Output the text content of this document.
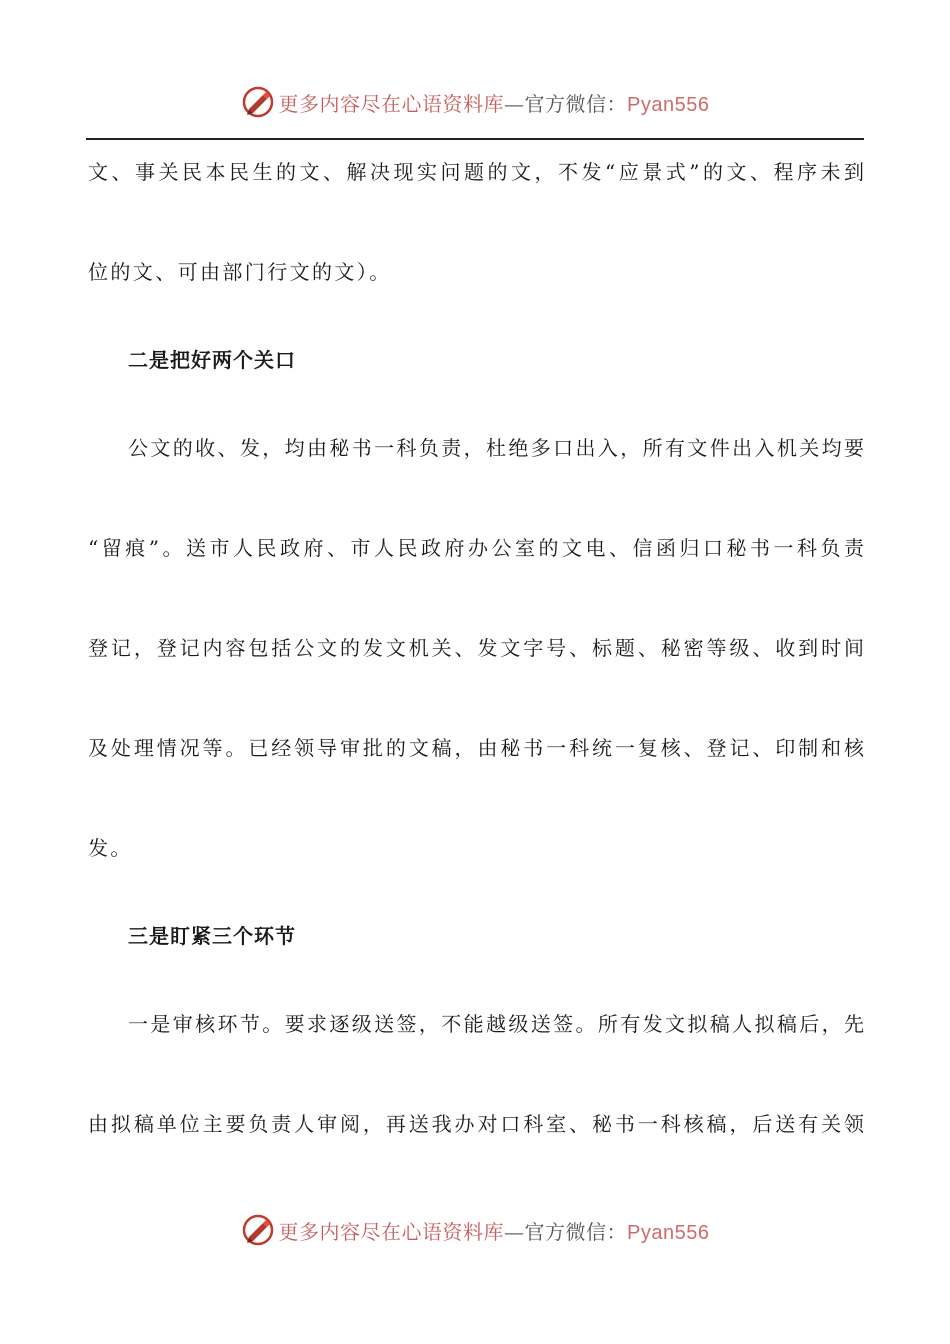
更多内容尽在心语资料库—官方微信：Pyan556
文、事关民本民生的文、解决现实问题的文，不发“应景式”的文、程序未到
位的文、可由部门行文的文）。
二是把好两个关口
公文的收、发，均由秘书一科负责，杜绝多口出入，所有文件出入机关均要
“留痕”。送市人民政府、市人民政府办公室的文电、信函归口秘书一科负责
登记，登记内容包括公文的发文机关、发文字号、标题、秘密等级、收到时间
及处理情况等。已经领导审批的文稿，由秘书一科统一复核、登记、印制和核
发。
三是盯紧三个环节
一是审核环节。要求逐级送签，不能越级送签。所有发文拟稿人拟稿后，先
由拟稿单位主要负责人审阅，再送我办对口科室、秘书一科核稿，后送有关领
更多内容尽在心语资料库—官方微信：Pyan556
